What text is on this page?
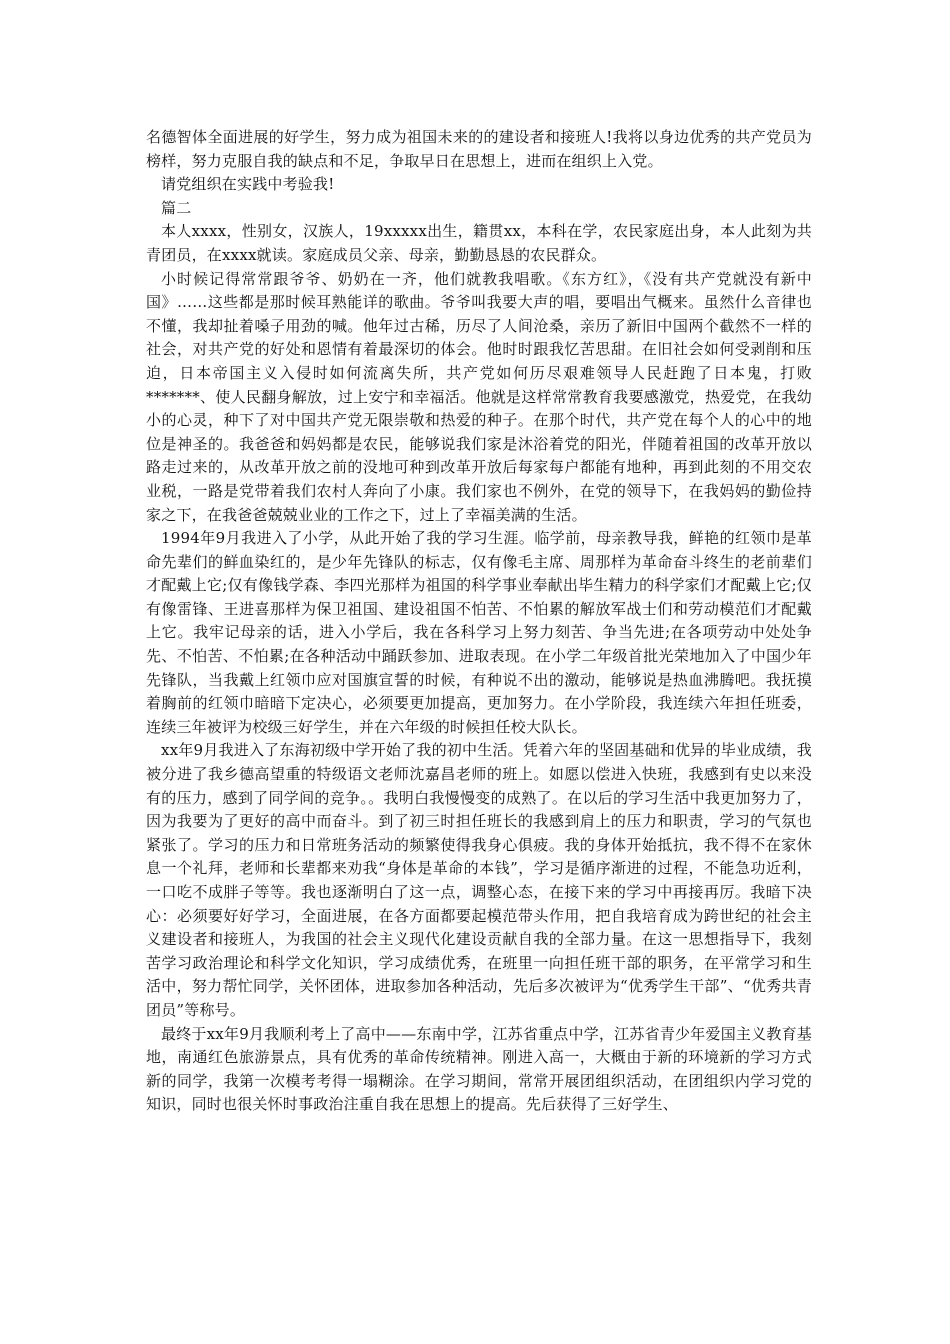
名德智体全面进展的好学生，努力成为祖国未来的的建设者和接班人!我将以身边优秀的共产党员为榜样，努力克服自我的缺点和不足，争取早日在思想上，进而在组织上入党。

请党组织在实践中考验我!

篇二

本人xxxx，性别女，汉族人，19xxxxx出生，籍贯xx，本科在学，农民家庭出身，本人此刻为共青团员，在xxxx就读。家庭成员父亲、母亲，勤勤恳恳的农民群众。

小时候记得常常跟爷爷、奶奶在一齐，他们就教我唱歌。《东方红》，《没有共产党就没有新中国》……这些都是那时候耳熟能详的歌曲。爷爷叫我要大声的唱，要唱出气概来。虽然什么音律也不懂，我却扯着嗓子用劲的喊。他年过古稀，历尽了人间沧桑，亲历了新旧中国两个截然不一样的社会，对共产党的好处和恩情有着最深切的体会。他时时跟我忆苦思甜。在旧社会如何受剥削和压迫，日本帝国主义入侵时如何流离失所，共产党如何历尽艰难领导人民赶跑了日本鬼，打败*******、使人民翻身解放，过上安宁和幸福活。他就是这样常常教育我要感激党，热爱党，在我幼小的心灵，种下了对中国共产党无限崇敬和热爱的种子。在那个时代，共产党在每个人的心中的地位是神圣的。我爸爸和妈妈都是农民，能够说我们家是沐浴着党的阳光，伴随着祖国的改革开放以路走过来的，从改革开放之前的没地可种到改革开放后每家每户都能有地种，再到此刻的不用交农业税，一路是党带着我们农村人奔向了小康。我们家也不例外，在党的领导下，在我妈妈的勤俭持家之下，在我爸爸兢兢业业的工作之下，过上了幸福美满的生活。

1994年9月我进入了小学，从此开始了我的学习生涯。临学前，母亲教导我，鲜艳的红领巾是革命先辈们的鲜血染红的，是少年先锋队的标志，仅有像毛主席、周那样为革命奋斗终生的老前辈们才配戴上它;仅有像钱学森、李四光那样为祖国的科学事业奉献出毕生精力的科学家们才配戴上它;仅有像雷锋、王进喜那样为保卫祖国、建设祖国不怕苦、不怕累的解放军战士们和劳动模范们才配戴上它。我牢记母亲的话，进入小学后，我在各科学习上努力刻苦、争当先进;在各项劳动中处处争先、不怕苦、不怕累;在各种活动中踊跃参加、进取表现。在小学二年级首批光荣地加入了中国少年先锋队，当我戴上红领巾应对国旗宣誓的时候，有种说不出的激动，能够说是热血沸腾吧。我抚摸着胸前的红领巾暗暗下定决心，必须要更加提高，更加努力。在小学阶段，我连续六年担任班委，连续三年被评为校级三好学生，并在六年级的时候担任校大队长。

xx年9月我进入了东海初级中学开始了我的初中生活。凭着六年的坚固基础和优异的毕业成绩，我被分进了我乡德高望重的特级语文老师沈嘉昌老师的班上。如愿以偿进入快班，我感到有史以来没有的压力，感到了同学间的竞争。。我明白我慢慢变的成熟了。在以后的学习生活中我更加努力了，因为我要为了更好的高中而奋斗。到了初三时担任班长的我感到肩上的压力和职责，学习的气氛也紧张了。学习的压力和日常班务活动的频繁使得我身心俱疲。我的身体开始抵抗，我不得不在家休息一个礼拜，老师和长辈都来劝我“身体是革命的本钱”，学习是循序渐进的过程，不能急功近利，一口吃不成胖子等等。我也逐渐明白了这一点，调整心态，在接下来的学习中再接再厉。我暗下决心：必须要好好学习，全面进展，在各方面都要起模范带头作用，把自我培育成为跨世纪的社会主义建设者和接班人，为我国的社会主义现代化建设贡献自我的全部力量。在这一思想指导下，我刻苦学习政治理论和科学文化知识，学习成绩优秀，在班里一向担任班干部的职务，在平常学习和生活中，努力帮忙同学，关怀团体，进取参加各种活动，先后多次被评为“优秀学生干部”、“优秀共青团员”等称号。

最终于xx年9月我顺利考上了高中——东南中学，江苏省重点中学，江苏省青少年爱国主义教育基地，南通红色旅游景点，具有优秀的革命传统精神。刚进入高一，大概由于新的环境新的学习方式新的同学，我第一次模考考得一塌糊涂。在学习期间，常常开展团组织活动，在团组织内学习党的知识，同时也很关怀时事政治注重自我在思想上的提高。先后获得了三好学生、
